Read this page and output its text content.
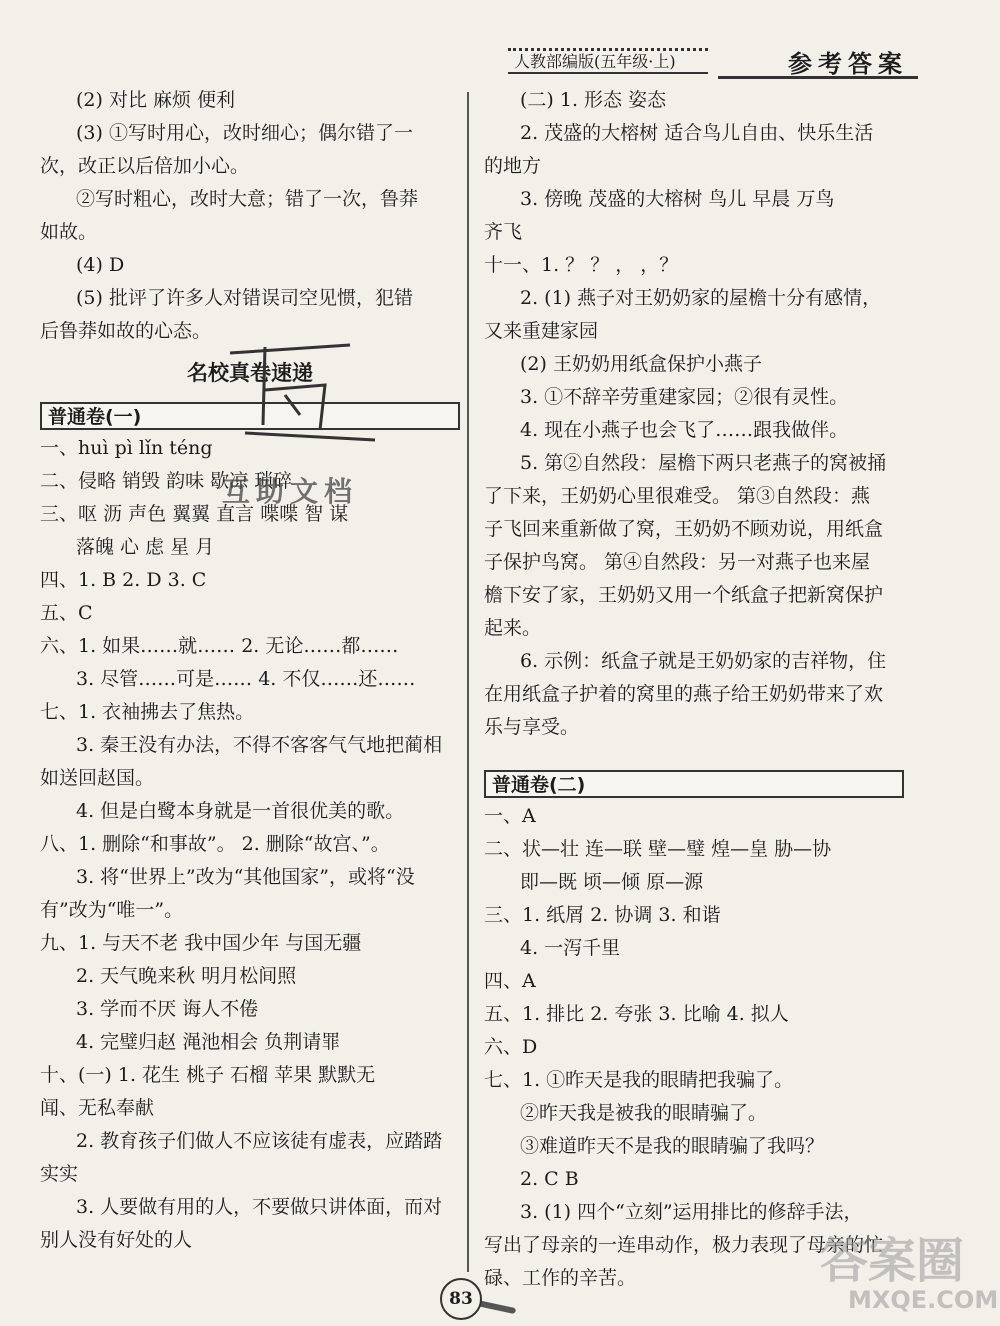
人教部编版(五年级·上)	参考答案
(2) 对比 麻烦 便利
(3) ①写时用心，改时细心；偶尔错了一
次，改正以后倍加小心。
②写时粗心，改时大意；错了一次，鲁莽
如故。
(4) D
(5) 批评了许多人对错误司空见惯，犯错
后鲁莽如故的心态。
名校真卷速递
普通卷(一)
一、huì pì lǐn téng
二、侵略 销毁 韵味 歇凉 琐碎
三、呕 沥 声色 翼翼 直言 喋喋 智 谋
落魄 心 虑 星 月
四、1. B 2. D 3. C
五、C
六、1. 如果……就…… 2. 无论……都……
3. 尽管……可是…… 4. 不仅……还……
七、1. 衣袖拂去了焦热。
3. 秦王没有办法，不得不客客气气地把蔺相
如送回赵国。
4. 但是白鹭本身就是一首很优美的歌。
八、1. 删除“和事故”。 2. 删除“故宫、”。
3. 将“世界上”改为“其他国家”，或将“没
有”改为“唯一”。
九、1. 与天不老 我中国少年 与国无疆
2. 天气晚来秋 明月松间照
3. 学而不厌 诲人不倦
4. 完璧归赵 渑池相会 负荆请罪
十、(一) 1. 花生 桃子 石榴 苹果 默默无
闻、无私奉献
2. 教育孩子们做人不应该徒有虚表，应踏踏
实实
3. 人要做有用的人，不要做只讲体面，而对
别人没有好处的人
互助文档
(二) 1. 形态 姿态
2. 茂盛的大榕树 适合鸟儿自由、快乐生活
的地方
3. 傍晚 茂盛的大榕树 鸟儿 早晨 万鸟
齐飞
十一、1. ？ ？ ， ，？
2. (1) 燕子对王奶奶家的屋檐十分有感情，
又来重建家园
(2) 王奶奶用纸盒保护小燕子
3. ①不辞辛劳重建家园；②很有灵性。
4. 现在小燕子也会飞了……跟我做伴。
5. 第②自然段：屋檐下两只老燕子的窝被捅
了下来，王奶奶心里很难受。 第③自然段：燕
子飞回来重新做了窝，王奶奶不顾劝说，用纸盒
子保护鸟窝。 第④自然段：另一对燕子也来屋
檐下安了家，王奶奶又用一个纸盒子把新窝保护
起来。
6. 示例：纸盒子就是王奶奶家的吉祥物，住
在用纸盒子护着的窝里的燕子给王奶奶带来了欢
乐与享受。
普通卷(二)
一、A
二、状—壮 连—联 壁—璧 煌—皇 胁—协
即—既 顷—倾 原—源
三、1. 纸屑 2. 协调 3. 和谐
4. 一泻千里
四、A
五、1. 排比 2. 夸张 3. 比喻 4. 拟人
六、D
七、1. ①昨天是我的眼睛把我骗了。
②昨天我是被我的眼睛骗了。
③难道昨天不是我的眼睛骗了我吗？
2. C B
3. (1) 四个“立刻”运用排比的修辞手法，
写出了母亲的一连串动作，极力表现了母亲的忙
碌、工作的辛苦。
83
答案圈
MXQE.COM
